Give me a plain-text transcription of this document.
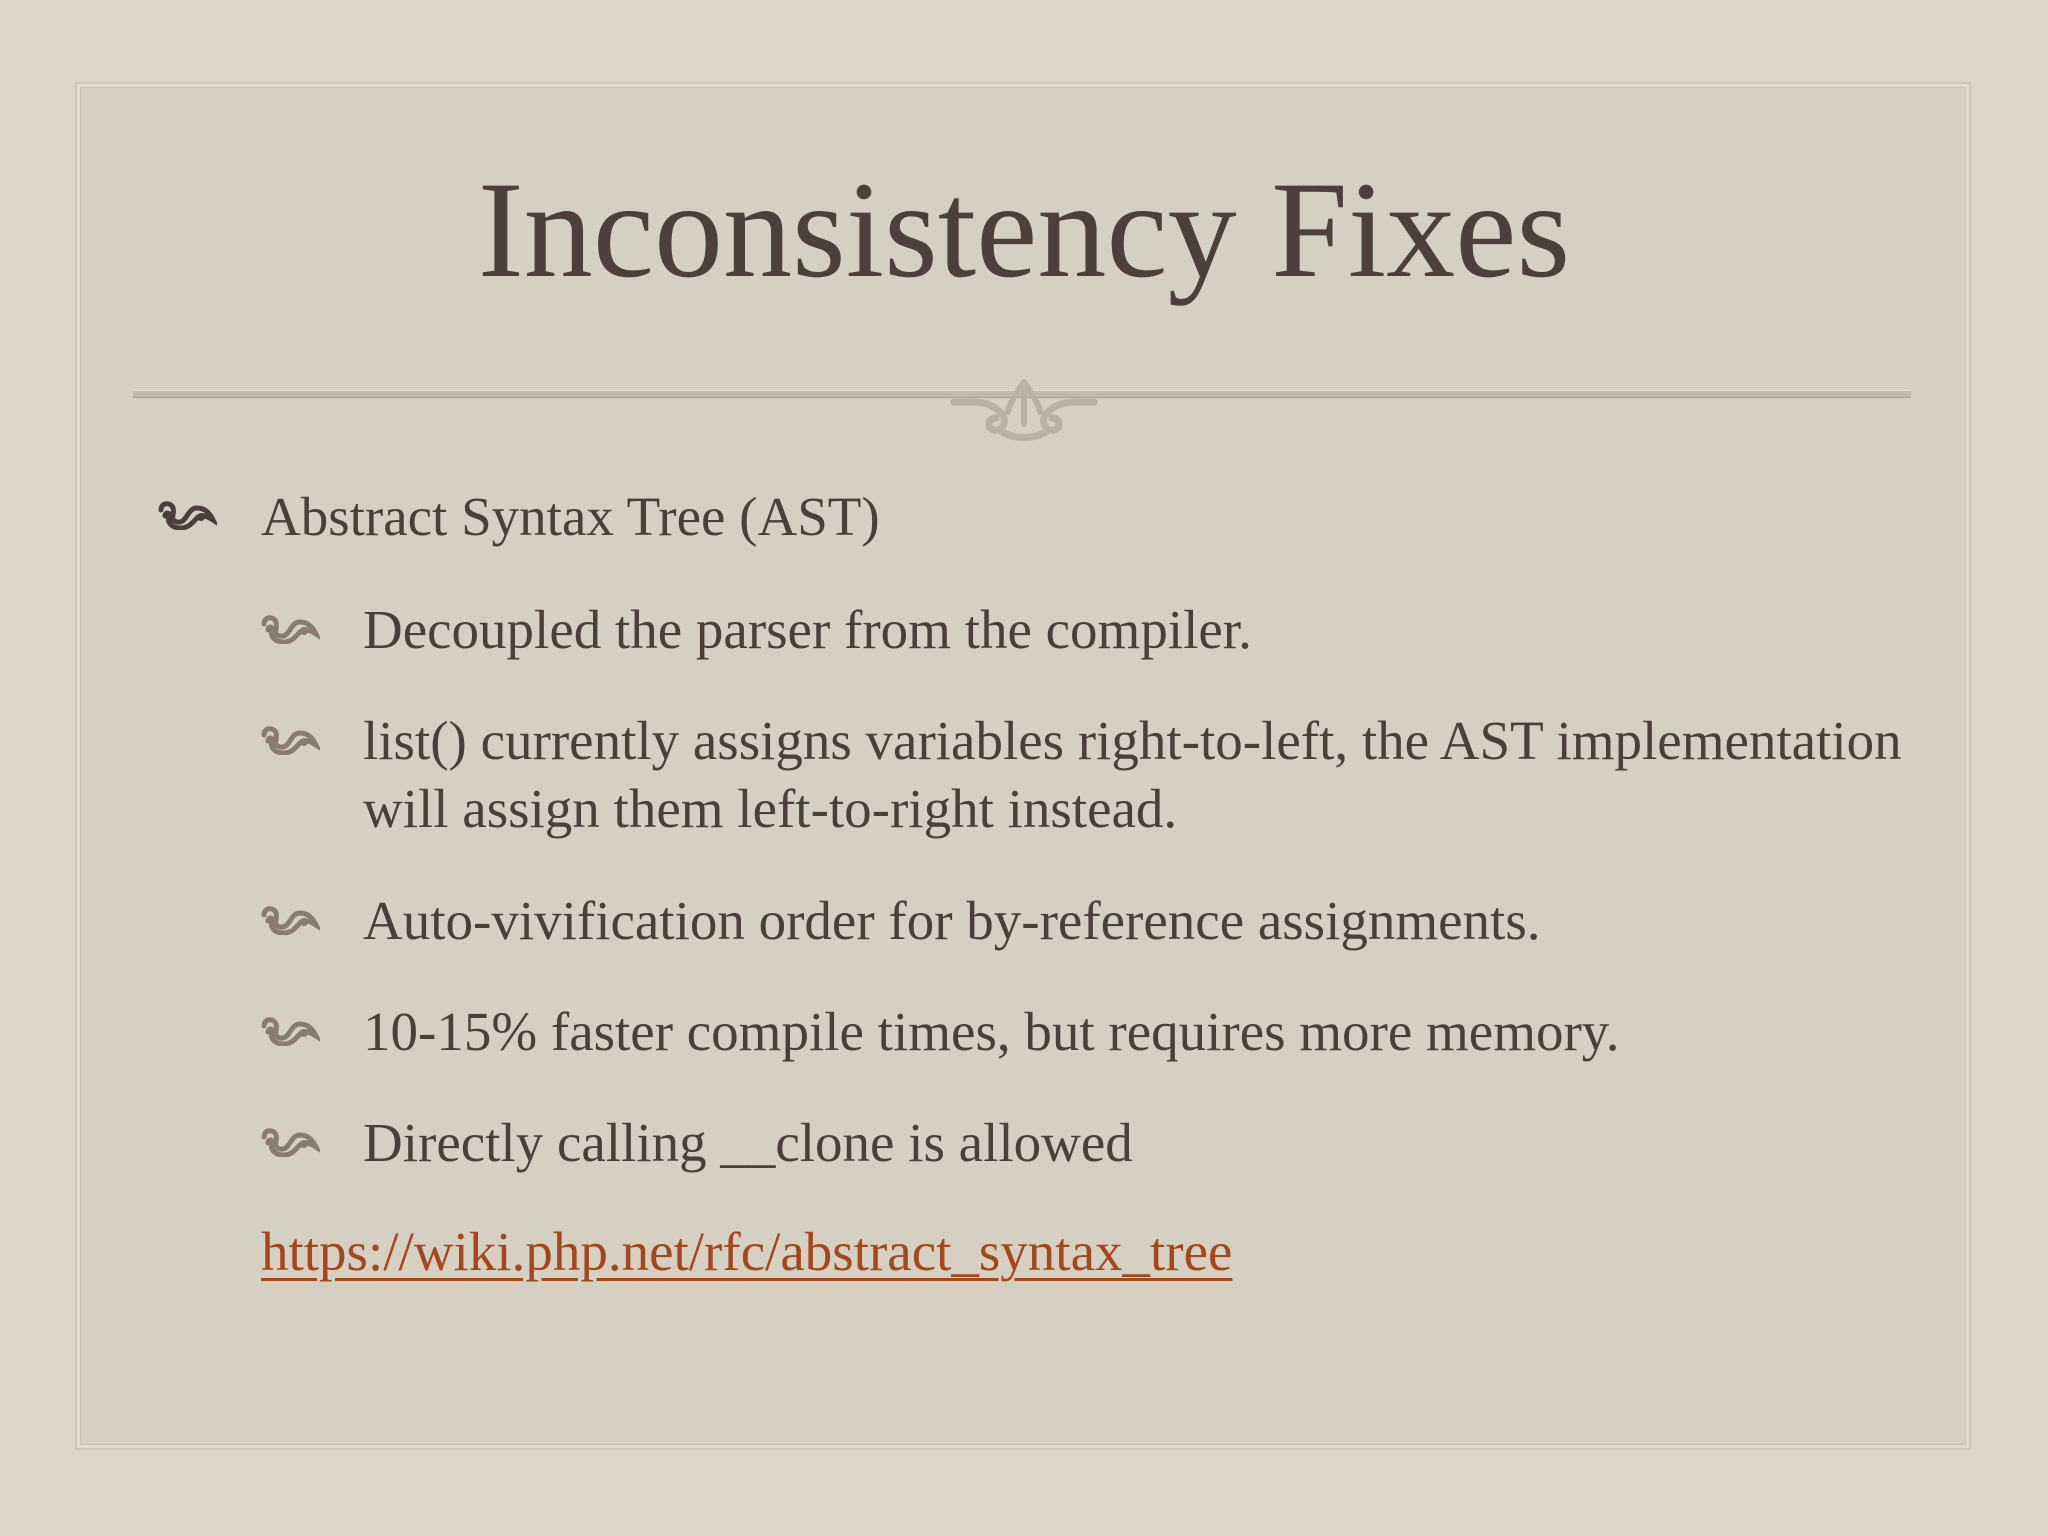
Inconsistency Fixes
Abstract Syntax Tree (AST)
Decoupled the parser from the compiler.
list() currently assigns variables right-to-left, the AST implementation
will assign them left-to-right instead.
Auto-vivification order for by-reference assignments.
10-15% faster compile times, but requires more memory.
Directly calling __clone is allowed
https://wiki.php.net/rfc/abstract_syntax_tree
